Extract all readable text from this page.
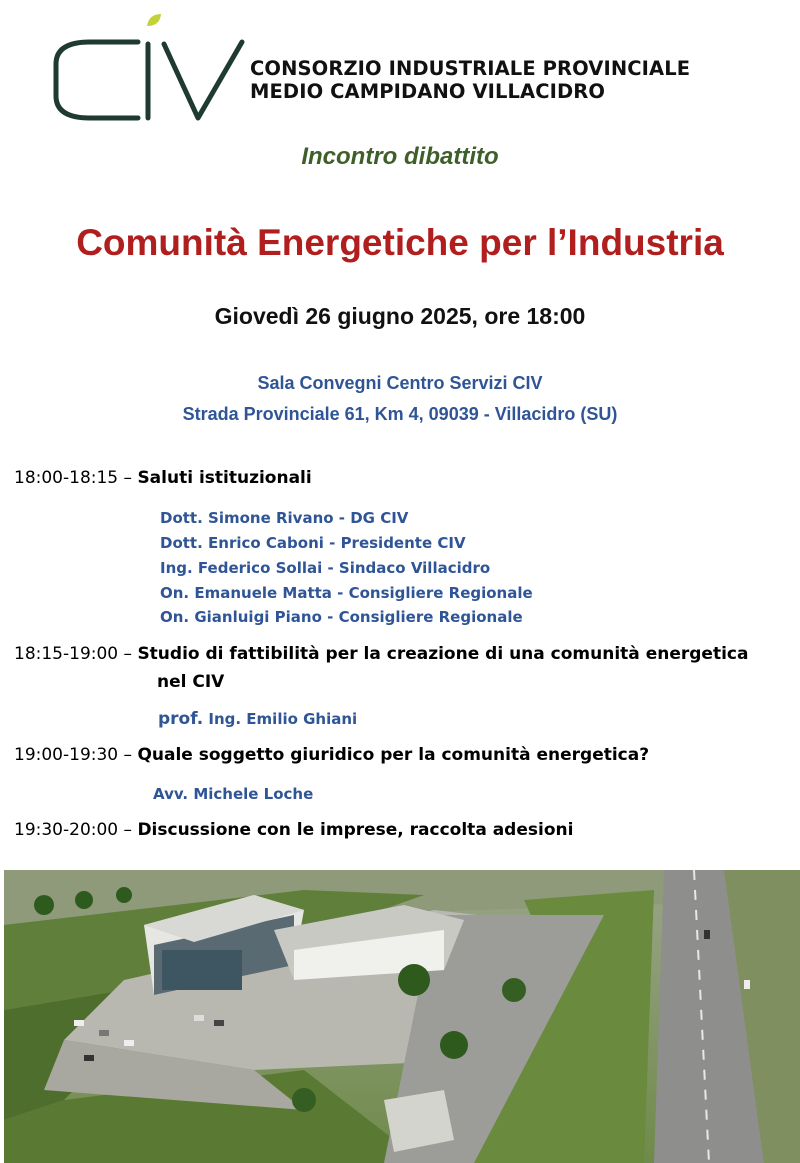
CONSORZIO INDUSTRIALE PROVINCIALE
MEDIO CAMPIDANO VILLACIDRO
Incontro dibattito
Comunità Energetiche per l’Industria
Giovedì 26 giugno 2025, ore 18:00
Sala Convegni Centro Servizi CIV
Strada Provinciale 61, Km 4, 09039 - Villacidro (SU)
18:00-18:15 – Saluti istituzionali
Dott. Simone Rivano - DG CIV
Dott. Enrico Caboni - Presidente CIV
Ing. Federico Sollai - Sindaco Villacidro
On. Emanuele Matta - Consigliere Regionale
On. Gianluigi Piano - Consigliere Regionale
18:15-19:00 – Studio di fattibilità per la creazione di una comunità energetica
nel CIV
prof. Ing. Emilio Ghiani
19:00-19:30 – Quale soggetto giuridico per la comunità energetica?
Avv. Michele Loche
19:30-20:00 – Discussione con le imprese, raccolta adesioni
